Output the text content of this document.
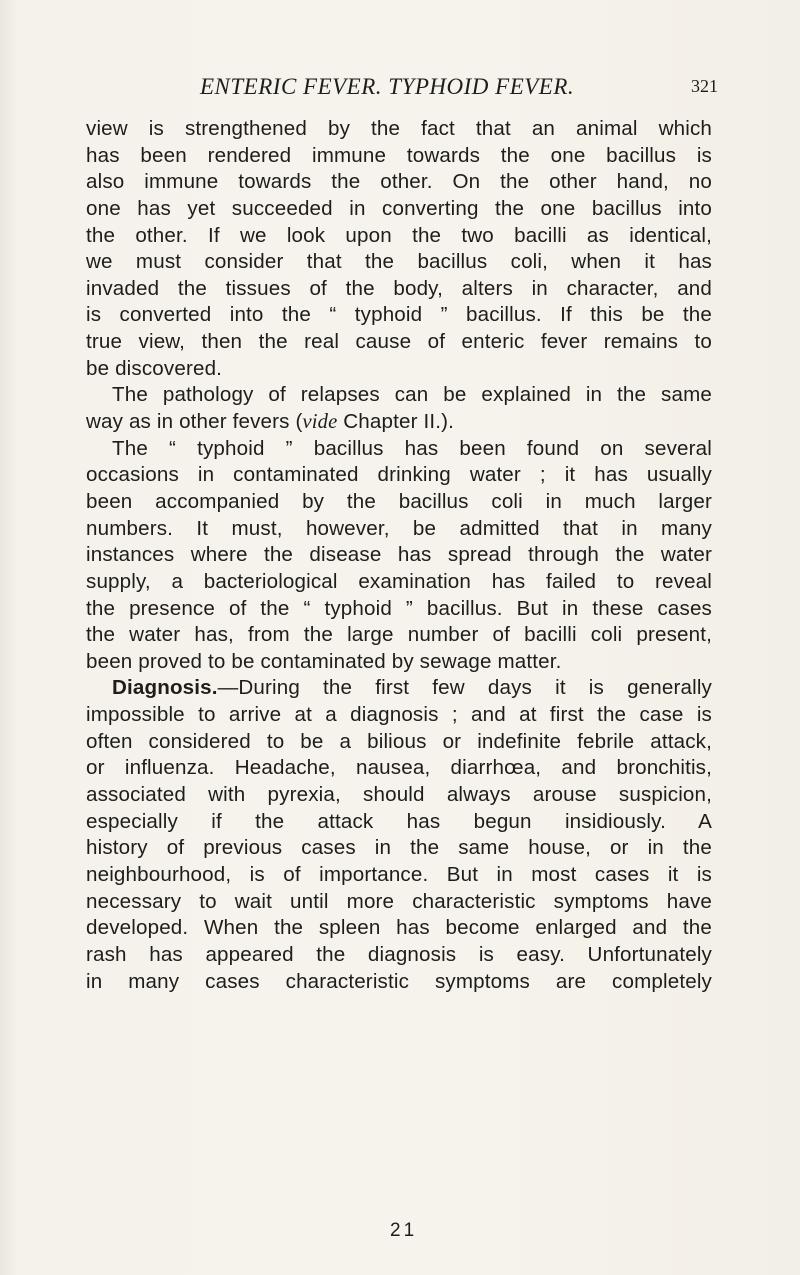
ENTERIC FEVER. TYPHOID FEVER.	321
view is strengthened by the fact that an animal which
has been rendered immune towards the one bacillus is
also immune towards the other. On the other hand, no
one has yet succeeded in converting the one bacillus into
the other. If we look upon the two bacilli as identical,
we must consider that the bacillus coli, when it has
invaded the tissues of the body, alters in character, and
is converted into the “ typhoid ” bacillus. If this be the
true view, then the real cause of enteric fever remains to
be discovered.
The pathology of relapses can be explained in the same
way as in other fevers (vide Chapter II.).
The “ typhoid ” bacillus has been found on several
occasions in contaminated drinking water ; it has usually
been accompanied by the bacillus coli in much larger
numbers. It must, however, be admitted that in many
instances where the disease has spread through the water
supply, a bacteriological examination has failed to reveal
the presence of the “ typhoid ” bacillus. But in these cases
the water has, from the large number of bacilli coli present,
been proved to be contaminated by sewage matter.
Diagnosis.—During the first few days it is generally
impossible to arrive at a diagnosis ; and at first the case is
often considered to be a bilious or indefinite febrile attack,
or influenza. Headache, nausea, diarrhœa, and bronchitis,
associated with pyrexia, should always arouse suspicion,
especially if the attack has begun insidiously. A
history of previous cases in the same house, or in the
neighbourhood, is of importance. But in most cases it is
necessary to wait until more characteristic symptoms have
developed. When the spleen has become enlarged and the
rash has appeared the diagnosis is easy. Unfortunately
in many cases characteristic symptoms are completely
21
